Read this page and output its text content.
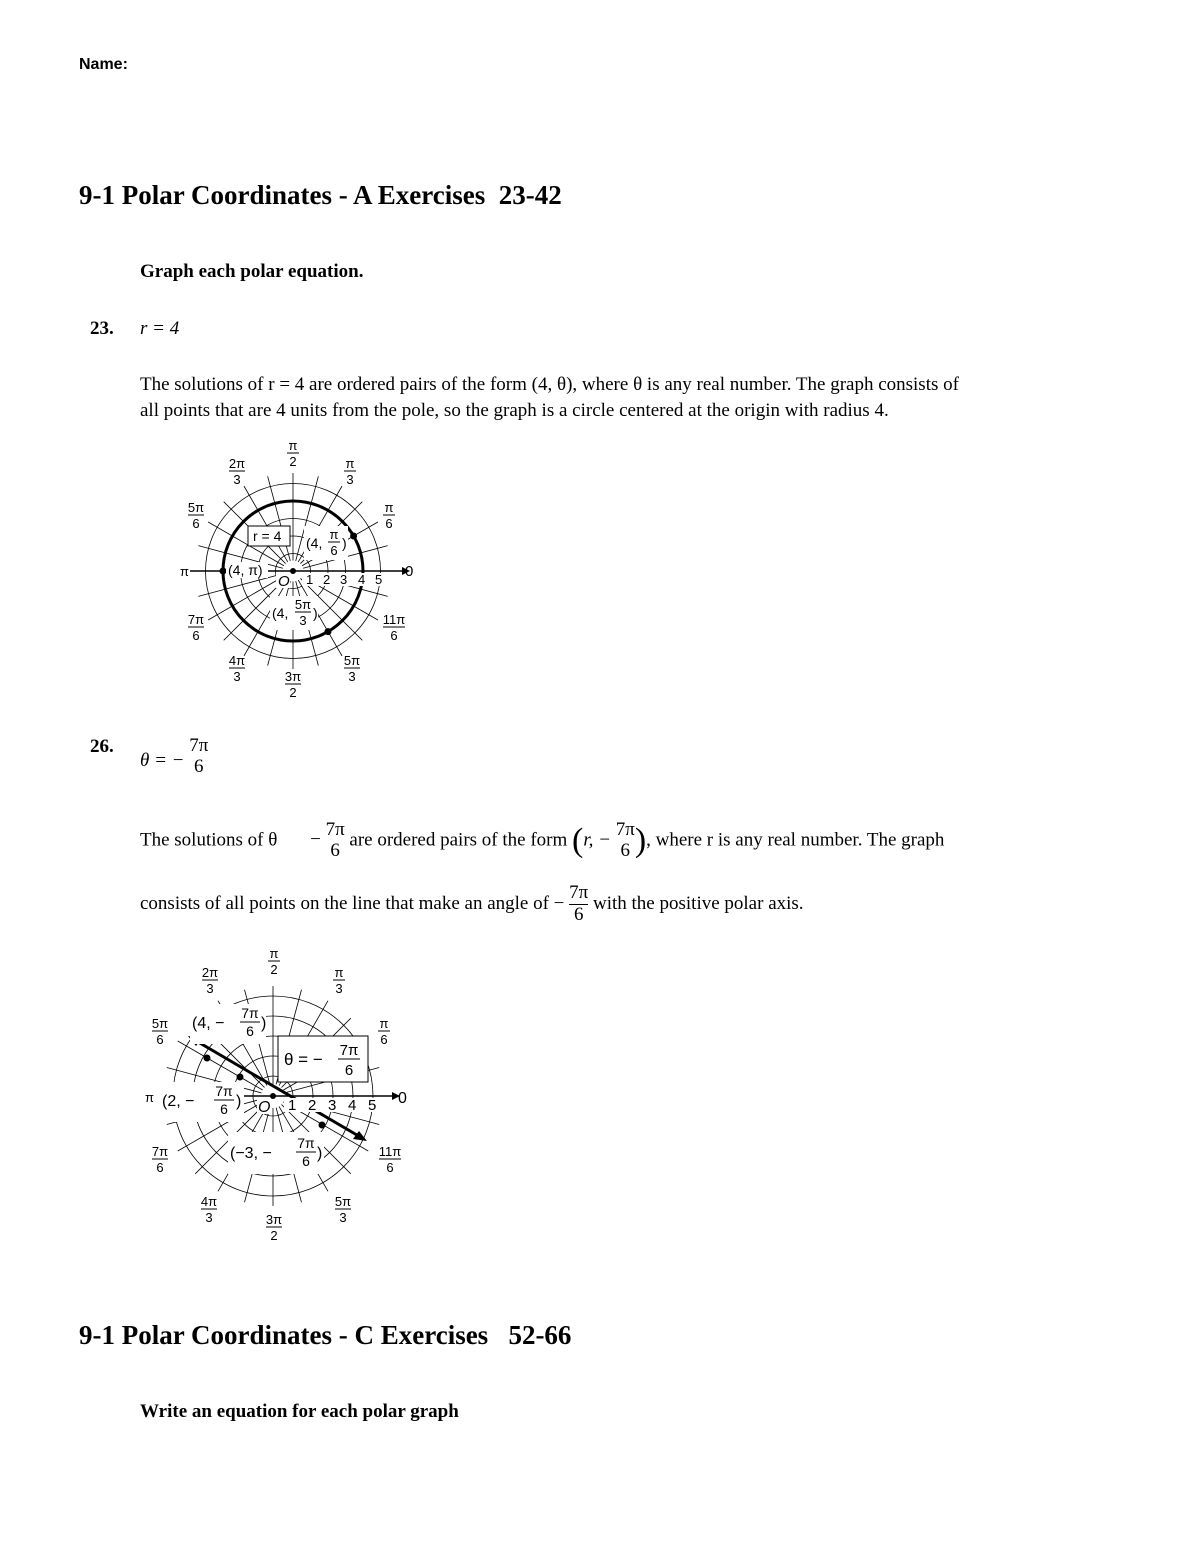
Name:
9-1 Polar Coordinates - A Exercises  23-42
Graph each polar equation.
23. r = 4
The solutions of r = 4 are ordered pairs of the form (4, θ), where θ is any real number. The graph consists of
all points that are 4 units from the pole, so the graph is a circle centered at the origin with radius 4.
π
2	π
3
2π
3
5π
6
π
6
π	0
7π
6
11π
6
4π
3
5π
3
3π
2
1 2 3 4 5
O
r = 4 (4,
π
6 )
(4, π)
(4,
5π
3 )
26.
θ = −
7π
6
The solutions of θ − 7π
6
are ordered pairs of the form (r, − 7π
6 ), where r is any real number. The graph
consists of all points on the line that make an angle of − $\frac{7\pi}{6}$ with the positive polar axis.
π
2	π
3
2π
3
5π
6
π
6
π	0
7π
6
11π
6
4π
3
5π
3
3π
2
1 2 3 4 5
O
θ = − 7π
6
(4, −
7π
6 )
(2, −
7π
6 )
(−3, −
7π
6 )
9-1 Polar Coordinates - C Exercises   52-66
Write an equation for each polar graph
